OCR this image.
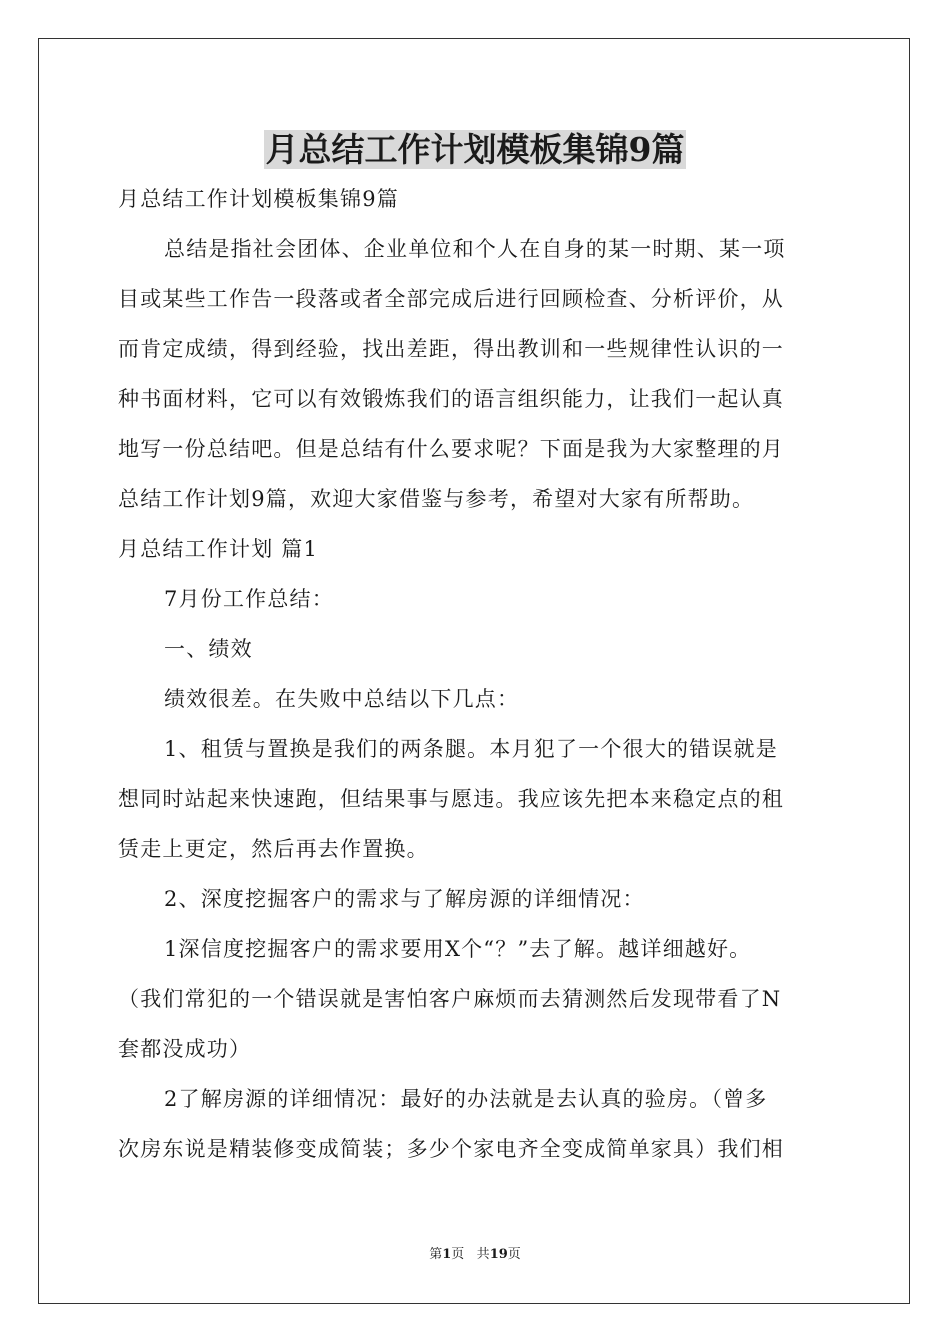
月总结工作计划模板集锦9篇

月总结工作计划模板集锦9篇

总结是指社会团体、企业单位和个人在自身的某一时期、某一项

目或某些工作告一段落或者全部完成后进行回顾检查、分析评价，从

而肯定成绩，得到经验，找出差距，得出教训和一些规律性认识的一

种书面材料，它可以有效锻炼我们的语言组织能力，让我们一起认真

地写一份总结吧。但是总结有什么要求呢？下面是我为大家整理的月

总结工作计划9篇，欢迎大家借鉴与参考，希望对大家有所帮助。

月总结工作计划 篇1

7月份工作总结：

一、绩效

绩效很差。在失败中总结以下几点：

1、租赁与置换是我们的两条腿。本月犯了一个很大的错误就是

想同时站起来快速跑，但结果事与愿违。我应该先把本来稳定点的租

赁走上更定，然后再去作置换。

2、深度挖掘客户的需求与了解房源的详细情况：

1深信度挖掘客户的需求要用X个“？”去了解。越详细越好。

（我们常犯的一个错误就是害怕客户麻烦而去猜测然后发现带看了N

套都没成功）

2了解房源的详细情况：最好的办法就是去认真的验房。（曾多

次房东说是精装修变成简装；多少个家电齐全变成简单家具）我们相

第1页 共19页
